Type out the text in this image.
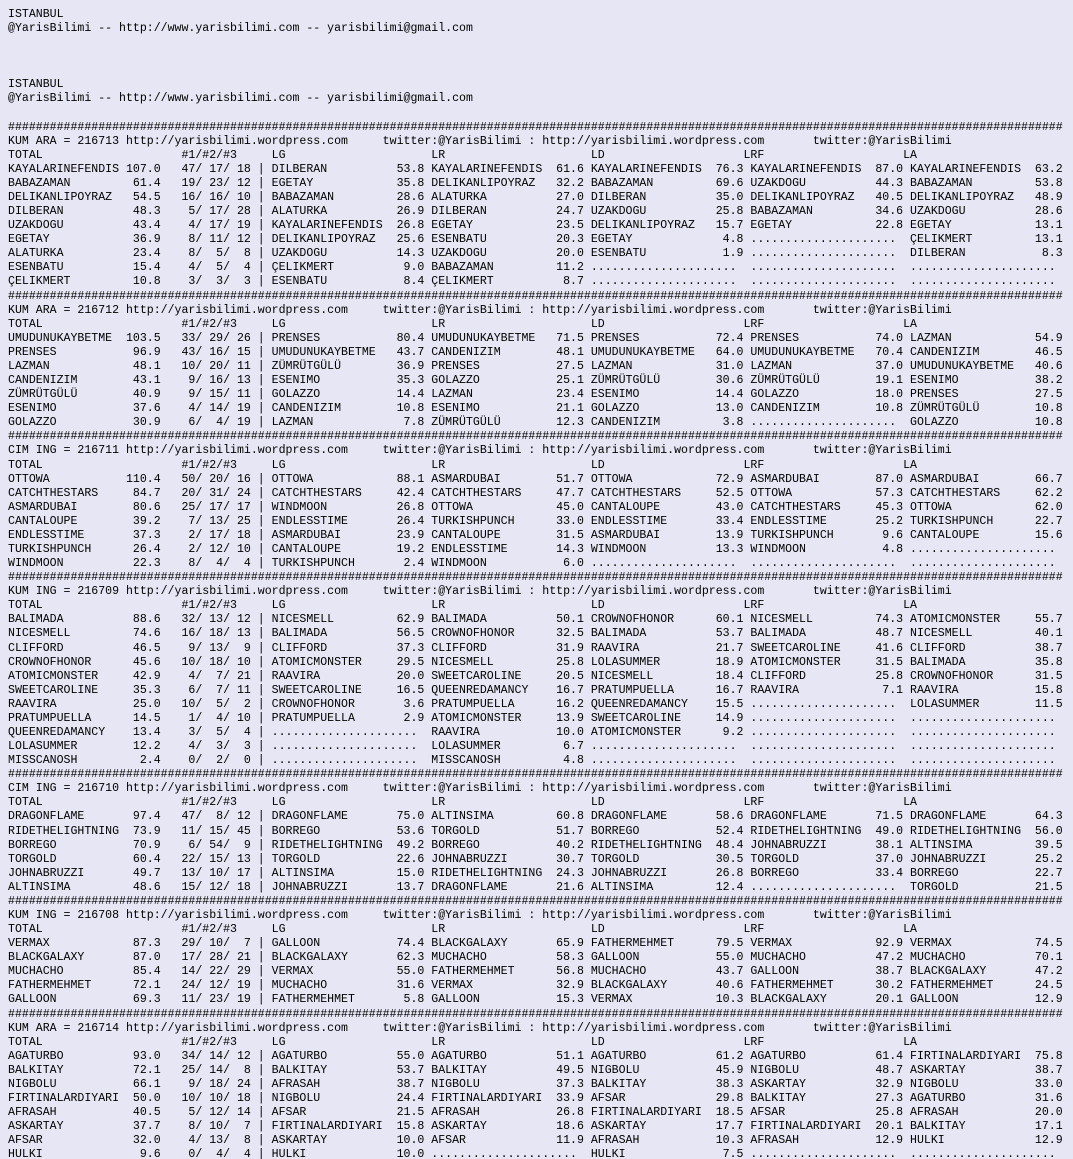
ISTANBUL
@YarisBilimi -- http://www.yarisbilimi.com -- yarisbilimi@gmail.com
ISTANBUL
@YarisBilimi -- http://www.yarisbilimi.com -- yarisbilimi@gmail.com
########################################################################################################################################################
KUM ARA = 216713 http://yarisbilimi.wordpress.com     twitter:@YarisBilimi : http://yarisbilimi.wordpress.com       twitter:@YarisBilimi
TOTAL                    #1/#2/#3     LG                     LR                     LD                    LRF                    LA
KAYALARINEFENDIS 107.0   47/ 17/ 18 | DILBERAN          53.8 KAYALARINEFENDIS  61.6 KAYALARINEFENDIS  76.3 KAYALARINEFENDIS  87.0 KAYALARINEFENDIS  63.2
BABAZAMAN         61.4   19/ 23/ 12 | EGETAY            35.8 DELIKANLIPOYRAZ   32.2 BABAZAMAN         69.6 UZAKDOGU          44.3 BABAZAMAN         53.8
DELIKANLIPOYRAZ   54.5   16/ 16/ 10 | BABAZAMAN         28.6 ALATURKA          27.0 DILBERAN          35.0 DELIKANLIPOYRAZ   40.5 DELIKANLIPOYRAZ   48.9
DILBERAN          48.3    5/ 17/ 28 | ALATURKA          26.9 DILBERAN          24.7 UZAKDOGU          25.8 BABAZAMAN         34.6 UZAKDOGU          28.6
UZAKDOGU          43.4    4/ 17/ 19 | KAYALARINEFENDIS  26.8 EGETAY            23.5 DELIKANLIPOYRAZ   15.7 EGETAY            22.8 EGETAY            13.1
EGETAY            36.9    8/ 11/ 12 | DELIKANLIPOYRAZ   25.6 ESENBATU          20.3 EGETAY             4.8 .....................  ÇELIKMERT         13.1
ALATURKA          23.4    8/  5/  8 | UZAKDOGU          14.3 UZAKDOGU          20.0 ESENBATU           1.9 .....................  DILBERAN           8.3
ESENBATU          15.4    4/  5/  4 | ÇELIKMERT          9.0 BABAZAMAN         11.2 .....................  .....................  .....................
ÇELIKMERT         10.8    3/  3/  3 | ESENBATU           8.4 ÇELIKMERT          8.7 .....................  .....................  .....................
########################################################################################################################################################
KUM ARA = 216712 http://yarisbilimi.wordpress.com     twitter:@YarisBilimi : http://yarisbilimi.wordpress.com       twitter:@YarisBilimi
TOTAL                    #1/#2/#3     LG                     LR                     LD                    LRF                    LA
UMUDUNUKAYBETME  103.5   33/ 29/ 26 | PRENSES           80.4 UMUDUNUKAYBETME   71.5 PRENSES           72.4 PRENSES           74.0 LAZMAN            54.9
PRENSES           96.9   43/ 16/ 15 | UMUDUNUKAYBETME   43.7 CANDENIZIM        48.1 UMUDUNUKAYBETME   64.0 UMUDUNUKAYBETME   70.4 CANDENIZIM        46.5
LAZMAN            48.1   10/ 20/ 11 | ZÜMRÜTGÜLÜ        36.9 PRENSES           27.5 LAZMAN            31.0 LAZMAN            37.0 UMUDUNUKAYBETME   40.6
CANDENIZIM        43.1    9/ 16/ 13 | ESENIMO           35.3 GOLAZZO           25.1 ZÜMRÜTGÜLÜ        30.6 ZÜMRÜTGÜLÜ        19.1 ESENIMO           38.2
ZÜMRÜTGÜLÜ        40.9    9/ 15/ 11 | GOLAZZO           14.4 LAZMAN            23.4 ESENIMO           14.4 GOLAZZO           18.0 PRENSES           27.5
ESENIMO           37.6    4/ 14/ 19 | CANDENIZIM        10.8 ESENIMO           21.1 GOLAZZO           13.0 CANDENIZIM        10.8 ZÜMRÜTGÜLÜ        10.8
GOLAZZO           30.9    6/  4/ 19 | LAZMAN             7.8 ZÜMRÜTGÜLÜ        12.3 CANDENIZIM         3.8 .....................  GOLAZZO           10.8
########################################################################################################################################################
CIM ING = 216711 http://yarisbilimi.wordpress.com     twitter:@YarisBilimi : http://yarisbilimi.wordpress.com       twitter:@YarisBilimi
TOTAL                    #1/#2/#3     LG                     LR                     LD                    LRF                    LA
OTTOWA           110.4   50/ 20/ 16 | OTTOWA            88.1 ASMARDUBAI        51.7 OTTOWA            72.9 ASMARDUBAI        87.0 ASMARDUBAI        66.7
CATCHTHESTARS     84.7   20/ 31/ 24 | CATCHTHESTARS     42.4 CATCHTHESTARS     47.7 CATCHTHESTARS     52.5 OTTOWA            57.3 CATCHTHESTARS     62.2
ASMARDUBAI        80.6   25/ 17/ 17 | WINDMOON          26.8 OTTOWA            45.0 CANTALOUPE        43.0 CATCHTHESTARS     45.3 OTTOWA            62.0
CANTALOUPE        39.2    7/ 13/ 25 | ENDLESSTIME       26.4 TURKISHPUNCH      33.0 ENDLESSTIME       33.4 ENDLESSTIME       25.2 TURKISHPUNCH      22.7
ENDLESSTIME       37.3    2/ 17/ 18 | ASMARDUBAI        23.9 CANTALOUPE        31.5 ASMARDUBAI        13.9 TURKISHPUNCH       9.6 CANTALOUPE        15.6
TURKISHPUNCH      26.4    2/ 12/ 10 | CANTALOUPE        19.2 ENDLESSTIME       14.3 WINDMOON          13.3 WINDMOON           4.8 .....................
WINDMOON          22.3    8/  4/  4 | TURKISHPUNCH       2.4 WINDMOON           6.0 .....................  .....................  .....................
########################################################################################################################################################
KUM ING = 216709 http://yarisbilimi.wordpress.com     twitter:@YarisBilimi : http://yarisbilimi.wordpress.com       twitter:@YarisBilimi
TOTAL                    #1/#2/#3     LG                     LR                     LD                    LRF                    LA
BALIMADA          88.6   32/ 13/ 12 | NICESMELL         62.9 BALIMADA          50.1 CROWNOFHONOR      60.1 NICESMELL         74.3 ATOMICMONSTER     55.7
NICESMELL         74.6   16/ 18/ 13 | BALIMADA          56.5 CROWNOFHONOR      32.5 BALIMADA          53.7 BALIMADA          48.7 NICESMELL         40.1
CLIFFORD          46.5    9/ 13/  9 | CLIFFORD          37.3 CLIFFORD          31.9 RAAVIRA           21.7 SWEETCAROLINE     41.6 CLIFFORD          38.7
CROWNOFHONOR      45.6   10/ 18/ 10 | ATOMICMONSTER     29.5 NICESMELL         25.8 LOLASUMMER        18.9 ATOMICMONSTER     31.5 BALIMADA          35.8
ATOMICMONSTER     42.9    4/  7/ 21 | RAAVIRA           20.0 SWEETCAROLINE     20.5 NICESMELL         18.4 CLIFFORD          25.8 CROWNOFHONOR      31.5
SWEETCAROLINE     35.3    6/  7/ 11 | SWEETCAROLINE     16.5 QUEENREDAMANCY    16.7 PRATUMPUELLA      16.7 RAAVIRA            7.1 RAAVIRA           15.8
RAAVIRA           25.0   10/  5/  2 | CROWNOFHONOR       3.6 PRATUMPUELLA      16.2 QUEENREDAMANCY    15.5 .....................  LOLASUMMER        11.5
PRATUMPUELLA      14.5    1/  4/ 10 | PRATUMPUELLA       2.9 ATOMICMONSTER     13.9 SWEETCAROLINE     14.9 .....................  .....................
QUEENREDAMANCY    13.4    3/  5/  4 | .....................  RAAVIRA           10.0 ATOMICMONSTER      9.2 .....................  .....................
LOLASUMMER        12.2    4/  3/  3 | .....................  LOLASUMMER         6.7 .....................  .....................  .....................
MISSCANOSH         2.4    0/  2/  0 | .....................  MISSCANOSH         4.8 .....................  .....................  .....................
########################################################################################################################################################
CIM ING = 216710 http://yarisbilimi.wordpress.com     twitter:@YarisBilimi : http://yarisbilimi.wordpress.com       twitter:@YarisBilimi
TOTAL                    #1/#2/#3     LG                     LR                     LD                    LRF                    LA
DRAGONFLAME       97.4   47/  8/ 12 | DRAGONFLAME       75.0 ALTINSIMA         60.8 DRAGONFLAME       58.6 DRAGONFLAME       71.5 DRAGONFLAME       64.3
RIDETHELIGHTNING  73.9   11/ 15/ 45 | BORREGO           53.6 TORGOLD           51.7 BORREGO           52.4 RIDETHELIGHTNING  49.0 RIDETHELIGHTNING  56.0
BORREGO           70.9    6/ 54/  9 | RIDETHELIGHTNING  49.2 BORREGO           40.2 RIDETHELIGHTNING  48.4 JOHNABRUZZI       38.1 ALTINSIMA         39.5
TORGOLD           60.4   22/ 15/ 13 | TORGOLD           22.6 JOHNABRUZZI       30.7 TORGOLD           30.5 TORGOLD           37.0 JOHNABRUZZI       25.2
JOHNABRUZZI       49.7   13/ 10/ 17 | ALTINSIMA         15.0 RIDETHELIGHTNING  24.3 JOHNABRUZZI       26.8 BORREGO           33.4 BORREGO           22.7
ALTINSIMA         48.6   15/ 12/ 18 | JOHNABRUZZI       13.7 DRAGONFLAME       21.6 ALTINSIMA         12.4 .....................  TORGOLD           21.5
########################################################################################################################################################
KUM ING = 216708 http://yarisbilimi.wordpress.com     twitter:@YarisBilimi : http://yarisbilimi.wordpress.com       twitter:@YarisBilimi
TOTAL                    #1/#2/#3     LG                     LR                     LD                    LRF                    LA
VERMAX            87.3   29/ 10/  7 | GALLOON           74.4 BLACKGALAXY       65.9 FATHERMEHMET      79.5 VERMAX            92.9 VERMAX            74.5
BLACKGALAXY       87.0   17/ 28/ 21 | BLACKGALAXY       62.3 MUCHACHO          58.3 GALLOON           55.0 MUCHACHO          47.2 MUCHACHO          70.1
MUCHACHO          85.4   14/ 22/ 29 | VERMAX            55.0 FATHERMEHMET      56.8 MUCHACHO          43.7 GALLOON           38.7 BLACKGALAXY       47.2
FATHERMEHMET      72.1   24/ 12/ 19 | MUCHACHO          31.6 VERMAX            32.9 BLACKGALAXY       40.6 FATHERMEHMET      30.2 FATHERMEHMET      24.5
GALLOON           69.3   11/ 23/ 19 | FATHERMEHMET       5.8 GALLOON           15.3 VERMAX            10.3 BLACKGALAXY       20.1 GALLOON           12.9
########################################################################################################################################################
KUM ARA = 216714 http://yarisbilimi.wordpress.com     twitter:@YarisBilimi : http://yarisbilimi.wordpress.com       twitter:@YarisBilimi
TOTAL                    #1/#2/#3     LG                     LR                     LD                    LRF                    LA
AGATURBO          93.0   34/ 14/ 12 | AGATURBO          55.0 AGATURBO          51.1 AGATURBO          61.2 AGATURBO          61.4 FIRTINALARDIYARI  75.8
BALKITAY          72.1   25/ 14/  8 | BALKITAY          53.7 BALKITAY          49.5 NIGBOLU           45.9 NIGBOLU           48.7 ASKARTAY          38.7
NIGBOLU           66.1    9/ 18/ 24 | AFRASAH           38.7 NIGBOLU           37.3 BALKITAY          38.3 ASKARTAY          32.9 NIGBOLU           33.0
FIRTINALARDIYARI  50.0   10/ 10/ 18 | NIGBOLU           24.4 FIRTINALARDIYARI  33.9 AFSAR             29.8 BALKITAY          27.3 AGATURBO          31.6
AFRASAH           40.5    5/ 12/ 14 | AFSAR             21.5 AFRASAH           26.8 FIRTINALARDIYARI  18.5 AFSAR             25.8 AFRASAH           20.0
ASKARTAY          37.7    8/ 10/  7 | FIRTINALARDIYARI  15.8 ASKARTAY          18.6 ASKARTAY          17.7 FIRTINALARDIYARI  20.1 BALKITAY          17.1
AFSAR             32.0    4/ 13/  8 | ASKARTAY          10.0 AFSAR             11.9 AFRASAH           10.3 AFRASAH           12.9 HULKI             12.9
HULKI              9.6    0/  4/  4 | HULKI             10.0 .....................  HULKI              7.5 .....................  .....................
